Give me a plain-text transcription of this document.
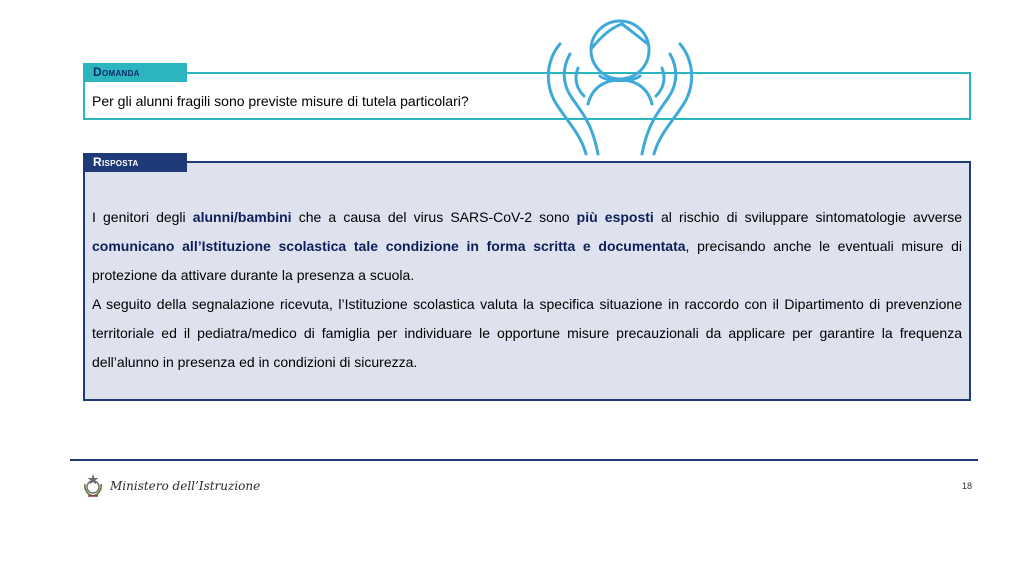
Domanda
Per gli alunni fragili sono previste misure di tutela particolari?
Risposta

I genitori degli alunni/bambini che a causa del virus SARS-CoV-2 sono più esposti al rischio di sviluppare sintomatologie avverse comunicano all’Istituzione scolastica tale condizione in forma scritta e documentata, precisando anche le eventuali misure di protezione da attivare durante la presenza a scuola.

A seguito della segnalazione ricevuta, l’Istituzione scolastica valuta la specifica situazione in raccordo con il Dipartimento di prevenzione territoriale ed il pediatra/medico di famiglia per individuare le opportune misure precauzionali da applicare per garantire la frequenza dell’alunno in presenza ed in condizioni di sicurezza.

Ministero dell’Istruzione	18
